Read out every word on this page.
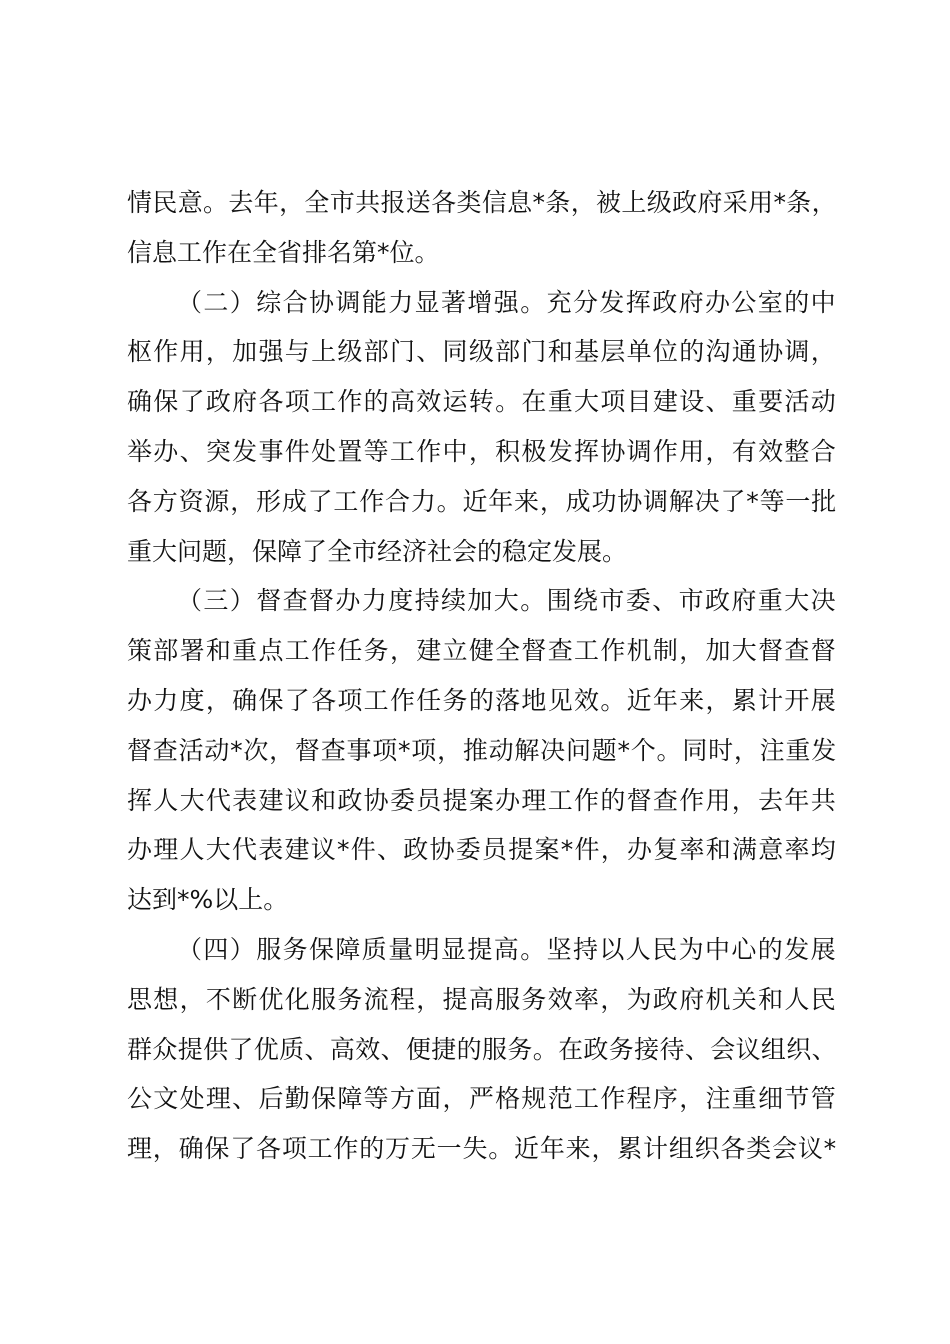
情民意。去年，全市共报送各类信息*条，被上级政府采用*条，
信息工作在全省排名第*位。
（二）综合协调能力显著增强。充分发挥政府办公室的中
枢作用，加强与上级部门、同级部门和基层单位的沟通协调，
确保了政府各项工作的高效运转。在重大项目建设、重要活动
举办、突发事件处置等工作中，积极发挥协调作用，有效整合
各方资源，形成了工作合力。近年来，成功协调解决了*等一批
重大问题，保障了全市经济社会的稳定发展。
（三）督查督办力度持续加大。围绕市委、市政府重大决
策部署和重点工作任务，建立健全督查工作机制，加大督查督
办力度，确保了各项工作任务的落地见效。近年来，累计开展
督查活动*次，督查事项*项，推动解决问题*个。同时，注重发
挥人大代表建议和政协委员提案办理工作的督查作用，去年共
办理人大代表建议*件、政协委员提案*件，办复率和满意率均
达到*%以上。
（四）服务保障质量明显提高。坚持以人民为中心的发展
思想，不断优化服务流程，提高服务效率，为政府机关和人民
群众提供了优质、高效、便捷的服务。在政务接待、会议组织、
公文处理、后勤保障等方面，严格规范工作程序，注重细节管
理，确保了各项工作的万无一失。近年来，累计组织各类会议*
